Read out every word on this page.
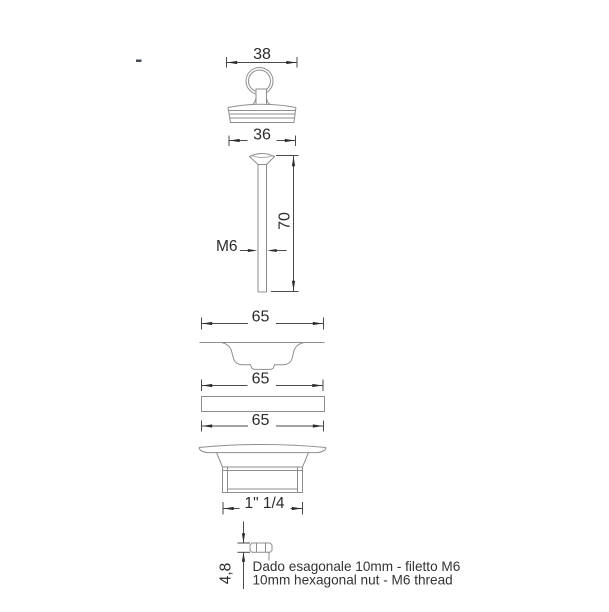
38
36
70
M6
65
65
65
1" 1/4
4,8 Dado esagonale 10mm - filetto M6
10mm hexagonal nut - M6 thread
